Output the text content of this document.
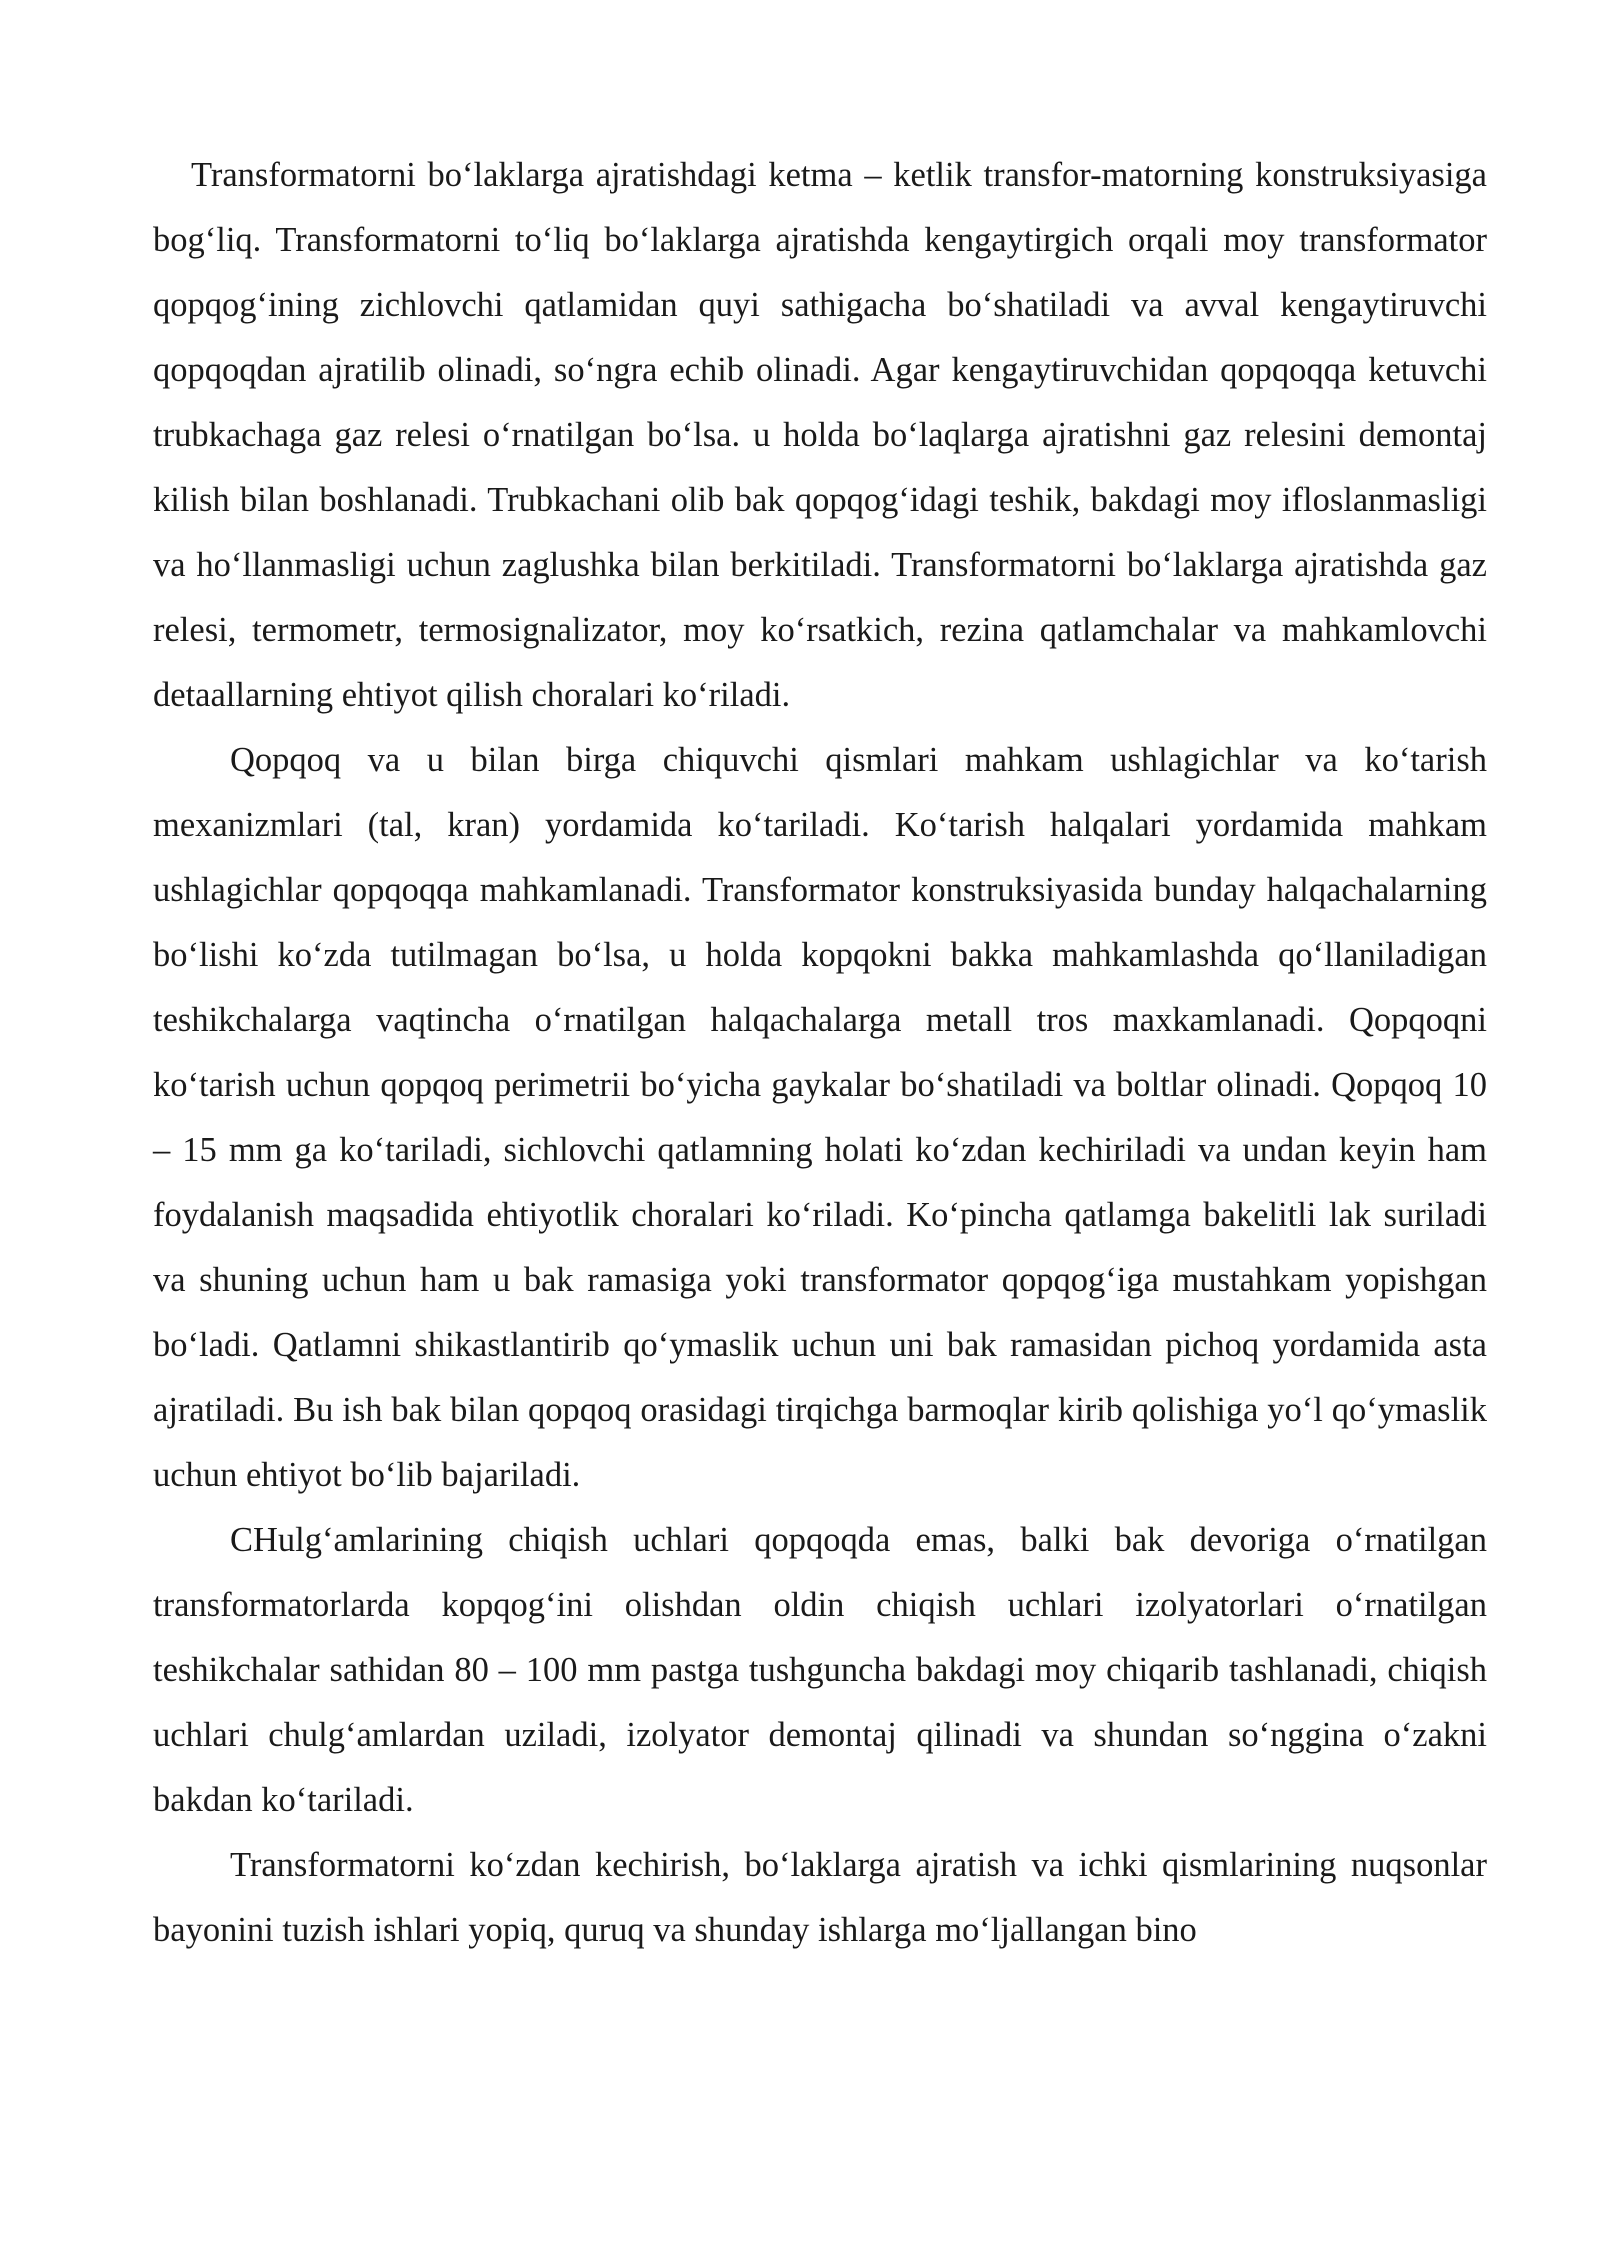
Transformatorni bo‘laklarga ajratishdagi ketma – ketlik transfor-matorning konstruksiyasiga bog‘liq. Transformatorni to‘liq bo‘laklarga ajratishda kengaytirgich orqali moy transformator qopqog‘ining zichlovchi qatlamidan quyi sathigacha bo‘shatiladi va avval kengaytiruvchi qopqoqdan ajratilib olinadi, so‘ngra echib olinadi. Agar kengaytiruvchidan qopqoqqa ketuvchi trubkachaga gaz relesi o‘rnatilgan bo‘lsa. u holda bo‘laqlarga ajratishni gaz relesini demontaj kilish bilan boshlanadi. Trubkachani olib bak qopqog‘idagi teshik, bakdagi moy ifloslanmasligi va ho‘llanmasligi uchun zaglushka bilan berkitiladi. Transformatorni bo‘laklarga ajratishda gaz relesi, termometr, termosignalizator, moy ko‘rsatkich, rezina qatlamchalar va mahkamlovchi detaallarning ehtiyot qilish choralari ko‘riladi.

Qopqoq va u bilan birga chiquvchi qismlari mahkam ushlagichlar va ko‘tarish mexanizmlari (tal, kran) yordamida ko‘tariladi. Ko‘tarish halqalari yordamida mahkam ushlagichlar qopqoqqa mahkamlanadi. Transformator konstruksiyasida bunday halqachalarning bo‘lishi ko‘zda tutilmagan bo‘lsa, u holda kopqokni bakka mahkamlashda qo‘llaniladigan teshikchalarga vaqtincha o‘rnatilgan halqachalarga metall tros maxkamlanadi. Qopqoqni ko‘tarish uchun qopqoq perimetrii bo‘yicha gaykalar bo‘shatiladi va boltlar olinadi. Qopqoq 10 – 15 mm ga ko‘tariladi, sichlovchi qatlamning holati ko‘zdan kechiriladi va undan keyin ham foydalanish maqsadida ehtiyotlik choralari ko‘riladi. Ko‘pincha qatlamga bakelitli lak suriladi va shuning uchun ham u bak ramasiga yoki transformator qopqog‘iga mustahkam yopishgan bo‘ladi. Qatlamni shikastlantirib qo‘ymaslik uchun uni bak ramasidan pichoq yordamida asta ajratiladi. Bu ish bak bilan qopqoq orasidagi tirqichga barmoqlar kirib qolishiga yo‘l qo‘ymaslik uchun ehtiyot bo‘lib bajariladi.

CHulg‘amlarining chiqish uchlari qopqoqda emas, balki bak devoriga o‘rnatilgan transformatorlarda kopqog‘ini olishdan oldin chiqish uchlari izolyatorlari o‘rnatilgan teshikchalar sathidan 80 – 100 mm pastga tushguncha bakdagi moy chiqarib tashlanadi, chiqish uchlari chulg‘amlardan uziladi, izolyator demontaj qilinadi va shundan so‘nggina o‘zakni bakdan ko‘tariladi.

Transformatorni ko‘zdan kechirish, bo‘laklarga ajratish va ichki qismlarining nuqsonlar bayonini tuzish ishlari yopiq, quruq va shunday ishlarga mo‘ljallangan bino
